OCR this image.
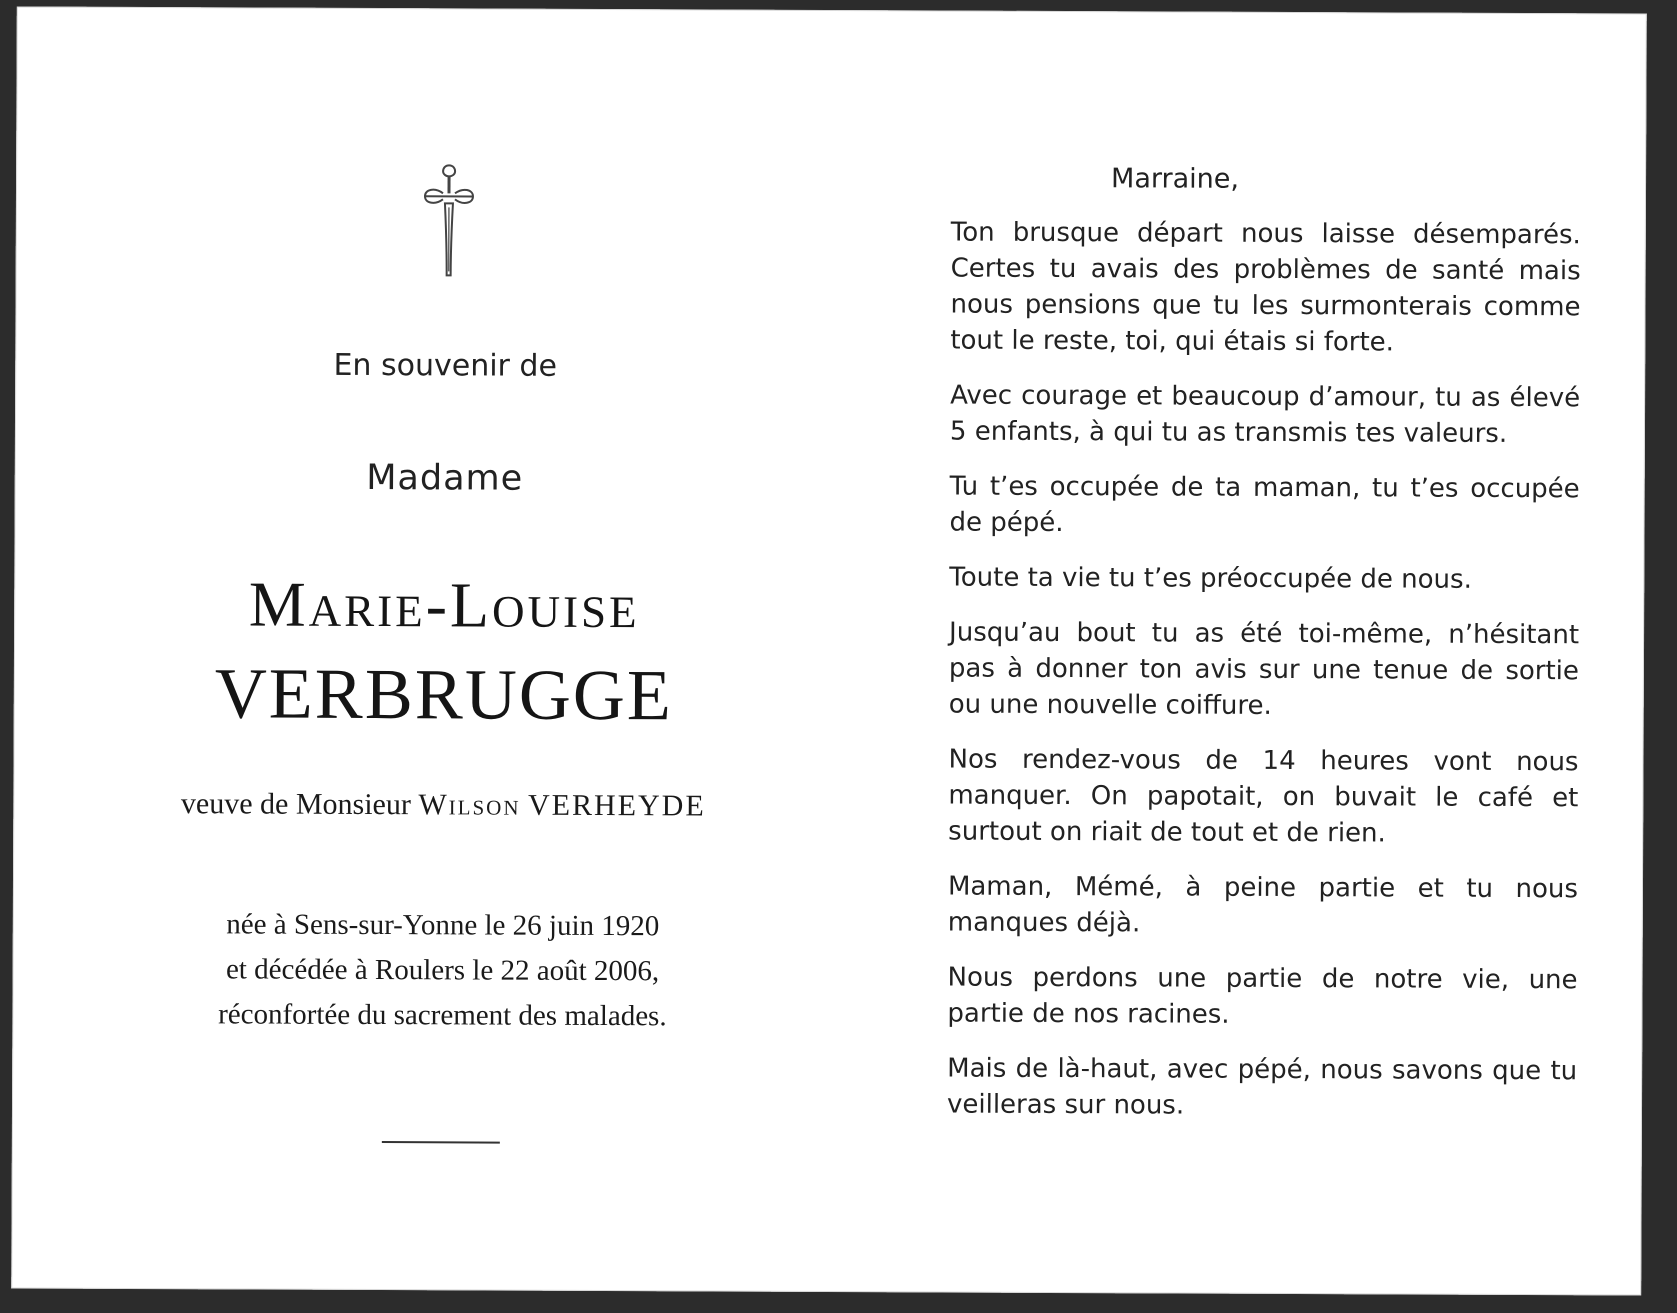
En souvenir de
Madame
Marie-Louise
VERBRUGGE
veuve de Monsieur Wilson VERHEYDE
née à Sens-sur-Yonne le 26 juin 1920
et décédée à Roulers le 22 août 2006,
réconfortée du sacrement des malades.
Marraine,

Ton brusque départ nous laisse désemparés. Certes tu avais des problèmes de santé mais nous pensions que tu les surmonterais comme tout le reste, toi, qui étais si forte.

Avec courage et beaucoup d’amour, tu as élevé 5 enfants, à qui tu as transmis tes valeurs.

Tu t’es occupée de ta maman, tu t’es occupée de pépé.

Toute ta vie tu t’es préoccupée de nous.

Jusqu’au bout tu as été toi-même, n’hésitant pas à donner ton avis sur une tenue de sortie ou une nouvelle coiffure.

Nos rendez-vous de 14 heures vont nous manquer. On papotait, on buvait le café et surtout on riait de tout et de rien.

Maman, Mémé, à peine partie et tu nous manques déjà.

Nous perdons une partie de notre vie, une partie de nos racines.

Mais de là-haut, avec pépé, nous savons que tu veilleras sur nous.
